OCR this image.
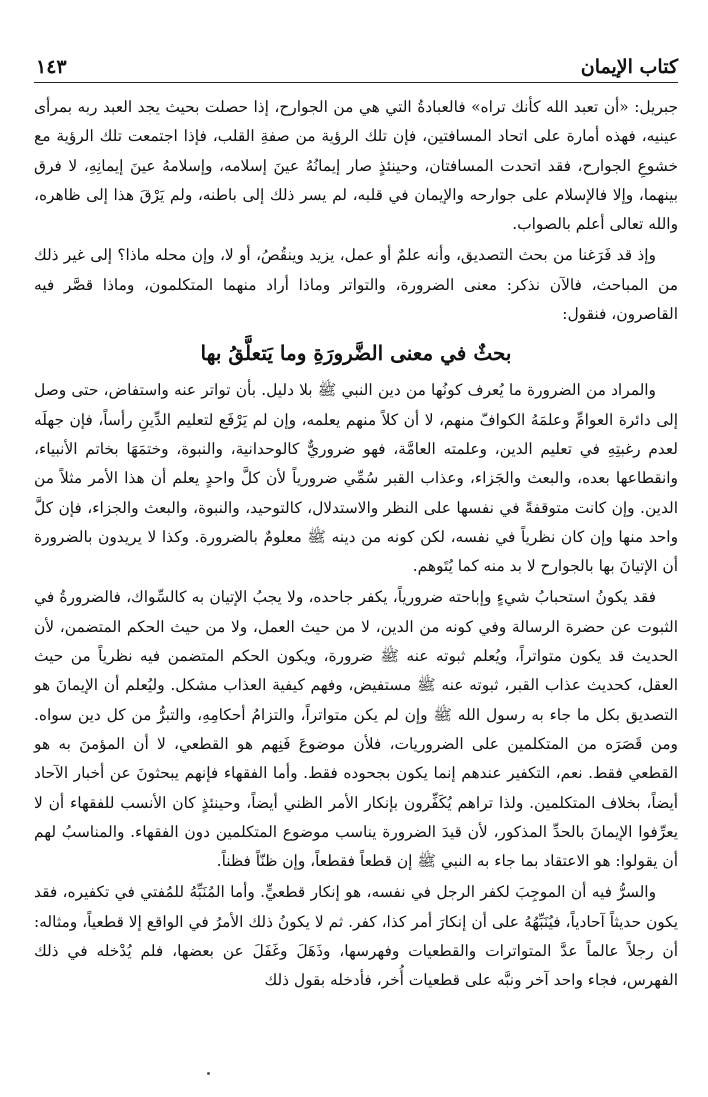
كتاب الإيمان
١٤٣

جبريل: «أن تعبد الله كأنك تراه» فالعبادةُ التي هي من الجوارح، إذا حصلت بحيث يجد العبد ربه بمرأى عينيه، فهذه أمارة على اتحاد المسافتين، فإن تلك الرؤية من صفةِ القلب، فإذا اجتمعت تلك الرؤية مع خشوعِ الجوارح، فقد اتحدت المسافتان، وحينئذٍ صار إيمانُهُ عينَ إسلامه، وإسلامهُ عينَ إيمانِهِ، لا فرق بينهما، وإلا فالإسلام على جوارحه والإيمان في قلبه، لم يسر ذلك إلى باطنه، ولم يَرْقَ هذا إلى ظاهره، والله تعالى أعلم بالصواب.

وإذ قد فَرَغنا من بحث التصديق، وأنه علمٌ أو عمل، يزيد وينقُصُ، أو لا، وإن محله ماذا؟ إلى غير ذلك من المباحث، فالآن نذكر: معنى الضرورة، والتواتر وماذا أراد منهما المتكلمون، وماذا قصَّر فيه القاصرون، فنقول:

بحثٌ في معنى الضَّرورَةِ وما يَتعلَّقُ بها

والمراد من الضرورة ما يُعرف كونُها من دين النبي ﷺ بلا دليل. بأن تواتر عنه واستفاض، حتى وصل إلى دائرة العوامِّ وعلمَهُ الكوافّ منهم، لا أن كلاً منهم يعلمه، وإن لم يَرْفَع لتعليم الدِّينِ رأساً، فإن جهلَه لعدم رغبتِهِ في تعليم الدين، وعلمته العامَّة، فهو ضروريٌّ كالوحدانية، والنبوة، وختمَهَا بخاتم الأنبياء، وانقطاعها بعده، والبعث والجَزاء، وعذاب القبر سُمِّي ضرورياً لأن كلَّ واحدٍ يعلم أن هذا الأمر مثلاً من الدين. وإن كانت متوقفةً في نفسها على النظر والاستدلال، كالتوحيد، والنبوة، والبعث والجزاء، فإن كلَّ واحد منها وإن كان نظرياً في نفسه، لكن كونه من دينه ﷺ معلومٌ بالضرورة. وكذا لا يريدون بالضرورة أن الإتيانَ بها بالجوارح لا بد منه كما يُتَوهم.

فقد يكونُ استحبابُ شيءٍ وإباحته ضرورياً، يكفر جاحده، ولا يجبُ الإتيان به كالسِّواك، فالضرورةُ في الثبوت عن حضرة الرسالة وفي كونه من الدين، لا من حيث العمل، ولا من حيث الحكم المتضمن، لأن الحديث قد يكون متواتراً، ويُعلم ثبوته عنه ﷺ ضرورة، ويكون الحكم المتضمن فيه نظرياً من حيث العقل، كحديث عذاب القبر، ثبوته عنه ﷺ مستفيض، وفهم كيفية العذاب مشكل. وليُعلم أن الإيمانَ هو التصديق بكل ما جاء به رسول الله ﷺ وإن لم يكن متواتراً، والتزامُ أحكامِهِ، والتبرُّ من كل دين سواه. ومن قَصَرَه من المتكلمين على الضروريات، فلأن موضوعَ فَنِهم هو القطعي، لا أن المؤمنَ به هو القطعي فقط. نعم، التكفير عندهم إنما يكون بجحوده فقط. وأما الفقهاء فإنهم يبحثونَ عن أخبار الآحاد أيضاً، بخلاف المتكلمين. ولذا تراهم يُكَفِّرون بإنكار الأمر الظني أيضاً، وحينئذٍ كان الأنسب للفقهاء أن لا يعرِّفوا الإيمانَ بالحدِّ المذكور، لأن قيدَ الضرورة يناسب موضوع المتكلمين دون الفقهاء. والمناسبُ لهم أن يقولوا: هو الاعتقاد بما جاء به النبي ﷺ إن قطعاً فقطعاً، وإن ظنّاً فظناً.

والسرُّ فيه أن الموجِبَ لكفر الرجل في نفسه، هو إنكار قطعيٍّ. وأما المُنَبِّهُ للمُفتي في تكفيره، فقد يكون حديثاً آحادياً، فيُنَبِّهُهُ على أن إنكارَ أمر كذا، كفر. ثم لا يكونُ ذلك الأمرُ في الواقع إلا قطعياً، ومثاله: أن رجلاً عالماً عدَّ المتواترات والقطعيات وفهرسها، وذَهَلَ وغَفَلَ عن بعضها، فلم يُدْخله في ذلك الفهرس، فجاء واحد آخر ونبَّه على قطعيات أُخر، فأدخله بقول ذلك
